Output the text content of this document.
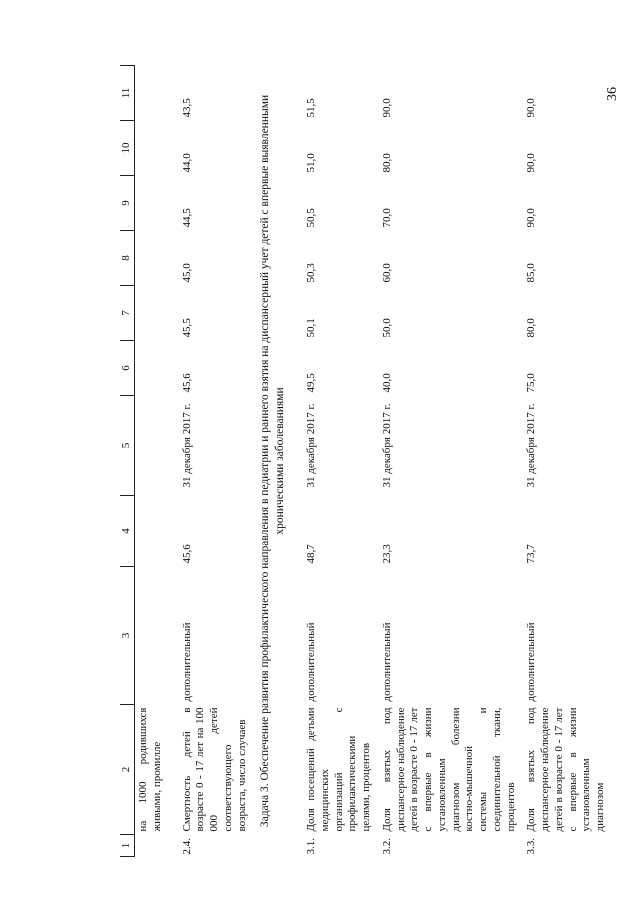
36
1	2	3	4	5	6	7	8	9	10	11
	на 1000 родившихся живыми, промилле									
2.4.	Смертность детей в возрасте 0 - 17 лет на 100 000 детей соответствующего возраста, число случаев	дополнительный	45,6	31 декабря 2017 г.	45,6	45,5	45,0	44,5	44,0	43,5
Задача 3. Обеспечение развития профилактического направления в педиатрии и раннего взятия на диспансерный учет детей с впервые выявленными хроническими заболеваниями										
3.1.	Доля посещений детьми медицинских организаций с профилактическими целями, процентов	дополнительный	48,7	31 декабря 2017 г.	49,5	50,1	50,3	50,5	51,0	51,5
3.2.	Доля взятых под диспансерное наблюдение детей в возрасте 0 - 17 лет с впервые в жизни установленным диагнозом болезни костно-мышечной системы и соединительной ткани, процентов	дополнительный	23,3	31 декабря 2017 г.	40,0	50,0	60,0	70,0	80,0	90,0
3.3.	Доля взятых под диспансерное наблюдение детей в возрасте 0 - 17 лет с впервые в жизни установленным диагнозом	дополнительный	73,7	31 декабря 2017 г.	75,0	80,0	85,0	90,0	90,0	90,0
